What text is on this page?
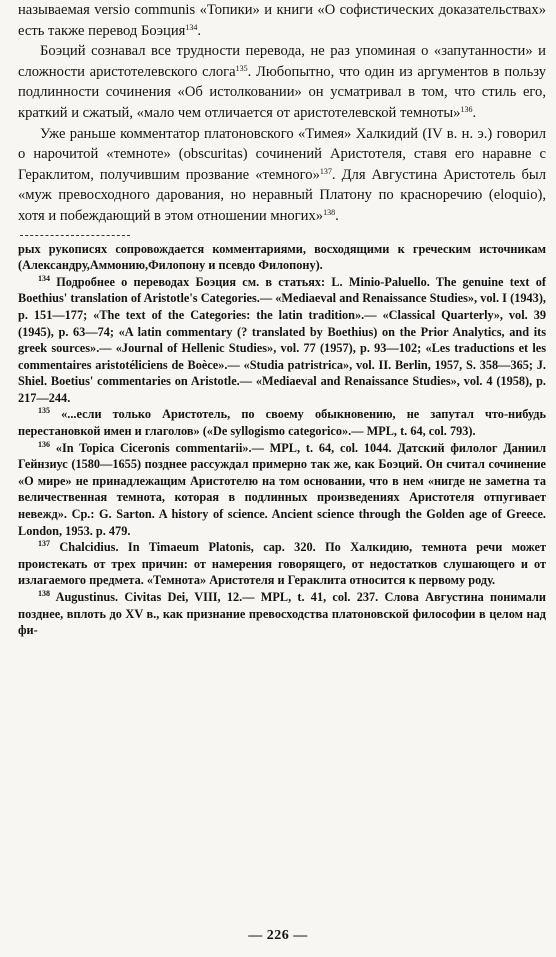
называемая versio communis «Топики» и книги «О софистических доказательствах» есть также перевод Боэция$^{134}$.

Боэций сознавал все трудности перевода, не раз упоминая о «запутанности» и сложности аристотелевского слога$^{135}$. Любопытно, что один из аргументов в пользу подлинности сочинения «Об истолковании» он усматривал в том, что стиль его, краткий и сжатый, «мало чем отличается от аристотелевской темноты»$^{136}$.

Уже раньше комментатор платоновского «Тимея» Халкидий (IV в. н. э.) говорил о нарочитой «темноте» (obscuritas) сочинений Аристотеля, ставя его наравне с Гераклитом, получившим прозвание «темного»$^{137}$. Для Августина Аристотель был «муж превосходного дарования, но неравный Платону по красноречию (eloquio), хотя и побеждающий в этом отношении многих»$^{138}$.

рых рукописях сопровождается комментариями, восходящими к греческим источникам (Александру,Аммонию,Филопону и псевдо Филопону).

$^{134}$ Подробнее о переводах Боэция см. в статьях: L. Minio-Paluello. The genuine text of Boethius' translation of Aristotle's Categories.— «Mediaeval and Renaissance Studies», vol. I (1943), p. 151—177; «The text of the Categories: the latin tradition».— «Classical Quarterly», vol. 39 (1945), p. 63—74; «A latin commentary (? translated by Boethius) on the Prior Analytics, and its greek sources».— «Journal of Hellenic Studies», vol. 77 (1957), p. 93—102; «Les traductions et les commentaires aristotéliciens de Boèce».— «Studia patristrica», vol. II. Berlin, 1957, S. 358—365; J. Shiel. Boetius' commentaries on Aristotle.— «Mediaeval and Renaissance Studies», vol. 4 (1958), p. 217—244.

$^{135}$ «...если только Аристотель, по своему обыкновению, не запутал что-нибудь перестановкой имен и глаголов» («De syllogismo categorico».— MPL, t. 64, col. 793).

$^{136}$ «In Topica Ciceronis commentarii».— MPL, t. 64, col. 1044. Датский филолог Даниил Гейнзиус (1580—1655) позднее рассуждал примерно так же, как Боэций. Он считал сочинение «О мире» не принадлежащим Аристотелю на том основании, что в нем «нигде не заметна та величественная темнота, которая в подлинных произведениях Аристотеля отпугивает невежд». Ср.: G. Sarton. A history of science. Ancient science through the Golden age of Greece. London, 1953. p. 479.

$^{137}$ Chalcidius. In Timaeum Platonis, cap. 320. По Халкидию, темнота речи может проистекать от трех причин: от намерения говорящего, от недостатков слушающего и от излагаемого предмета. «Темнота» Аристотеля и Гераклита относится к первому роду.

$^{138}$ Augustinus. Civitas Dei, VIII, 12.— MPL, t. 41, col. 237. Слова Августина понимали позднее, вплоть до XV в., как признание превосходства платоновской философии в целом над фи-

— 226 —
